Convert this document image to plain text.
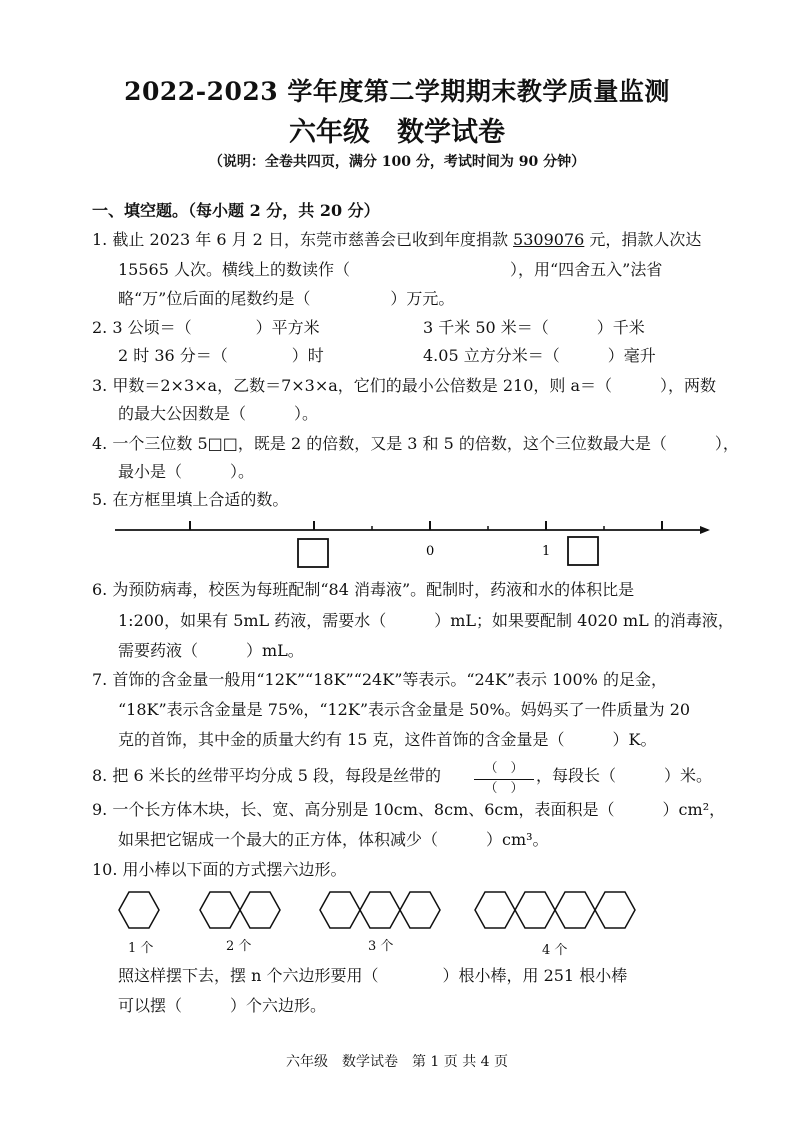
2022-2023 学年度第二学期期末教学质量监测
六年级　数学试卷
（说明：全卷共四页，满分 100 分，考试时间为 90 分钟）
一、填空题。（每小题 2 分，共 20 分）
1. 截止 2023 年 6 月 2 日，东莞市慈善会已收到年度捐款 5309076 元，捐款人次达
15565 人次。横线上的数读作（　　　　　　　　　　），用“四舍五入”法省
略“万”位后面的尾数约是（　　　　　）万元。
2. 3 公顷＝（　　　　）平方米	3 千米 50 米＝（　　　）千米
2 时 36 分＝（　　　　）时	4.05 立方分米＝（　　　）毫升
3. 甲数＝2×3×a，乙数＝7×3×a，它们的最小公倍数是 210，则 a＝（　　　），两数
的最大公因数是（　　　）。
4. 一个三位数 5□□，既是 2 的倍数，又是 3 和 5 的倍数，这个三位数最大是（　　　），
最小是（　　　）。
5. 在方框里填上合适的数。
0	1
6. 为预防病毒，校医为每班配制“84 消毒液”。配制时，药液和水的体积比是
1:200，如果有 5mL 药液，需要水（　　　）mL；如果要配制 4020 mL 的消毒液，
需要药液（　　　）mL。
7. 首饰的含金量一般用“12K”“18K”“24K”等表示。“24K”表示 100% 的足金，
“18K”表示含金量是 75%，“12K”表示含金量是 50%。妈妈买了一件质量为 20
克的首饰，其中金的质量大约有 15 克，这件首饰的含金量是（　　　）K。
8. 把 6 米长的丝带平均分成 5 段，每段是丝带的	（　）
（　）
，每段长（　　　）米。
9. 一个长方体木块，长、宽、高分别是 10cm、8cm、6cm，表面积是（　　　）cm²，
如果把它锯成一个最大的正方体，体积减少（　　　）cm³。
10. 用小棒以下面的方式摆六边形。
1 个	2 个	3 个	4 个
照这样摆下去，摆 n 个六边形要用（　　　　）根小棒，用 251 根小棒
可以摆（　　　）个六边形。
六年级　数学试卷　第 1 页 共 4 页
